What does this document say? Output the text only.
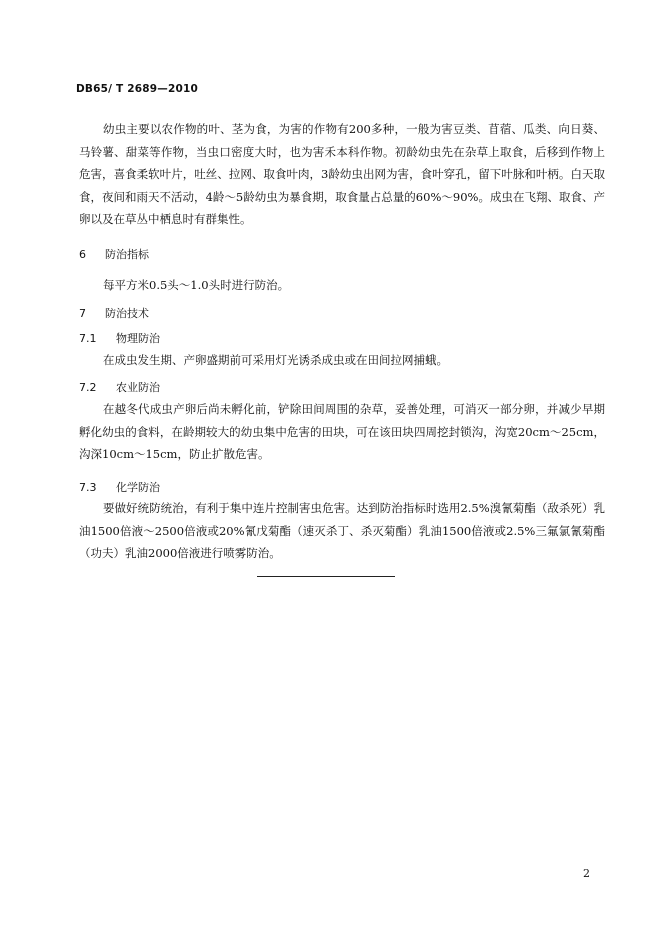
DB65/ T 2689—2010

幼虫主要以农作物的叶、茎为食，为害的作物有200多种，一般为害豆类、苜蓿、瓜类、向日葵、马铃薯、甜菜等作物，当虫口密度大时，也为害禾本科作物。初龄幼虫先在杂草上取食，后移到作物上危害，喜食柔软叶片，吐丝、拉网、取食叶肉，3龄幼虫出网为害，食叶穿孔，留下叶脉和叶柄。白天取食，夜间和雨天不活动，4龄～5龄幼虫为暴食期，取食量占总量的60%～90%。成虫在飞翔、取食、产卵以及在草丛中栖息时有群集性。

6 防治指标

每平方米0.5头～1.0头时进行防治。

7 防治技术
7.1 物理防治

在成虫发生期、产卵盛期前可采用灯光诱杀成虫或在田间拉网捕蛾。

7.2 农业防治

在越冬代成虫产卵后尚未孵化前，铲除田间周围的杂草，妥善处理，可消灭一部分卵，并减少早期孵化幼虫的食料，在龄期较大的幼虫集中危害的田块，可在该田块四周挖封锁沟，沟宽20cm～25cm，沟深10cm～15cm，防止扩散危害。

7.3 化学防治

要做好统防统治，有利于集中连片控制害虫危害。达到防治指标时选用2.5%溴氰菊酯（敌杀死）乳油1500倍液～2500倍液或20%氰戊菊酯（速灭杀丁、杀灭菊酯）乳油1500倍液或2.5%三氟氯氰菊酯（功夫）乳油2000倍液进行喷雾防治。

2
